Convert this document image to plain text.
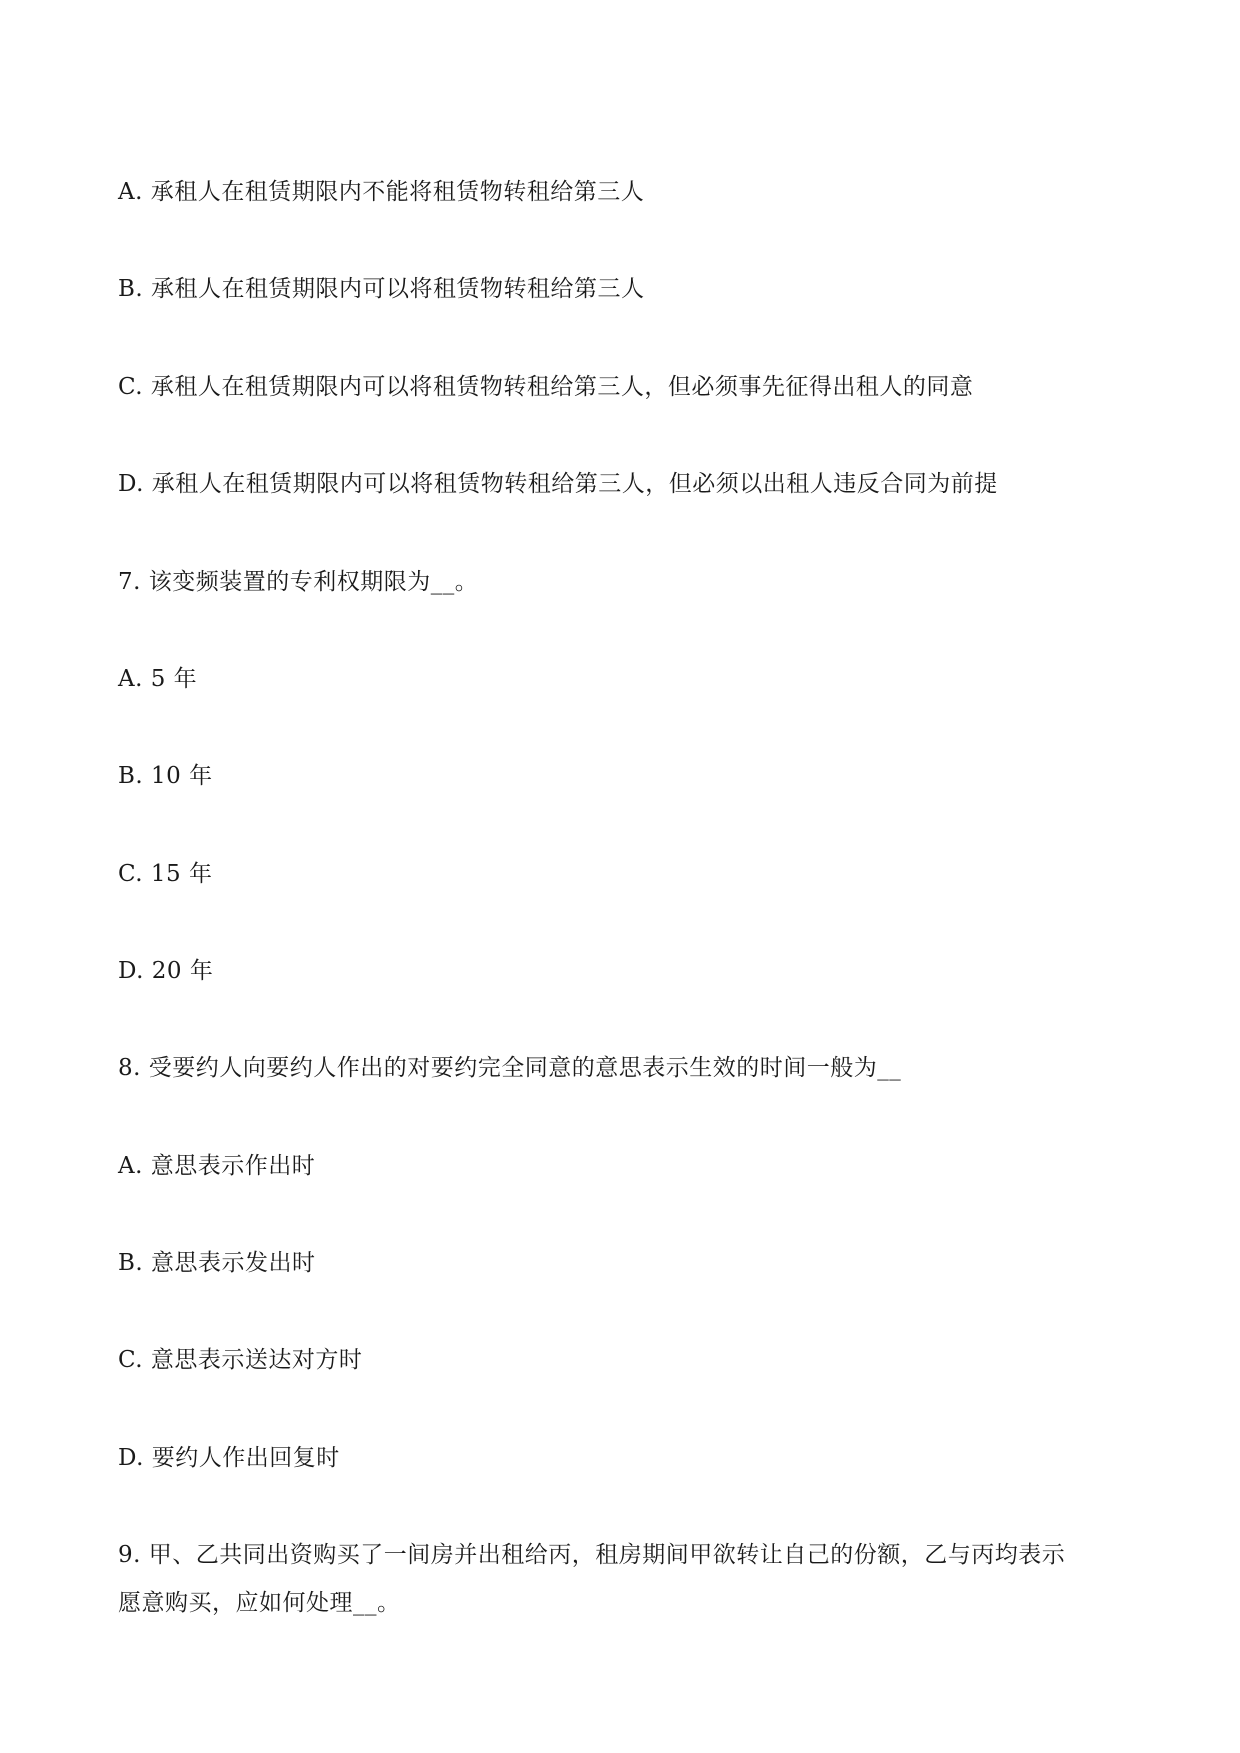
A. 承租人在租赁期限内不能将租赁物转租给第三人
B. 承租人在租赁期限内可以将租赁物转租给第三人
C. 承租人在租赁期限内可以将租赁物转租给第三人，但必须事先征得出租人的同意
D. 承租人在租赁期限内可以将租赁物转租给第三人，但必须以出租人违反合同为前提
7. 该变频装置的专利权期限为__。
A. 5 年
B. 10 年
C. 15 年
D. 20 年
8. 受要约人向要约人作出的对要约完全同意的意思表示生效的时间一般为__
A. 意思表示作出时
B. 意思表示发出时
C. 意思表示送达对方时
D. 要约人作出回复时
9. 甲、乙共同出资购买了一间房并出租给丙，租房期间甲欲转让自己的份额，乙与丙均表示
愿意购买，应如何处理__。
